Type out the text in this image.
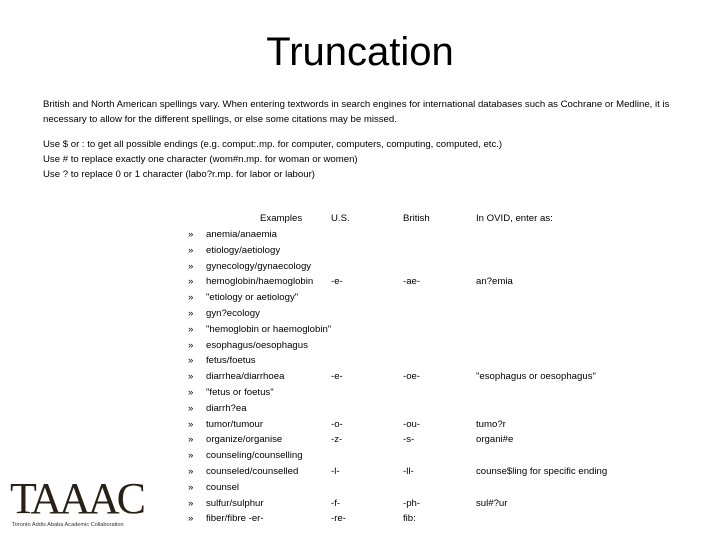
Truncation
British and North American spellings vary. When entering textwords in search engines for international databases such as Cochrane or Medline, it is necessary to allow for the different spellings, or else some citations may be missed.
Use $ or : to get all possible endings (e.g. comput:.mp. for computer, computers, computing, computed, etc.)
Use # to replace exactly one character (wom#n.mp. for woman or women)
Use ? to replace 0 or 1 character (labo?r.mp. for labor or labour)
Examples	U.S.	British	In OVID, enter as:
» anemia/anaemia
» etiology/aetiology
» gynecology/gynaecology
» hemoglobin/haemoglobin -e-	-ae-	an?emia
» "etiology or aetiology"
» gyn?ecology
» "hemoglobin or haemoglobin"
» esophagus/oesophagus
» fetus/foetus
» diarrhea/diarrhoea	-e-	-oe-	"esophagus or oesophagus"
» "fetus or foetus"
» diarrh?ea
» tumor/tumour	-o-	-ou-	tumo?r
» organize/organise	-z-	-s-	organi#e
» counseling/counselling
» counseled/counselled	-l-	-ll-	counse$ling for specific ending
» counsel
» sulfur/sulphur	-f-	-ph-	sul#?ur
» fiber/fibre -er-	-re-	fib:
TAAAC
Toronto Addis Ababa Academic Collaboration
